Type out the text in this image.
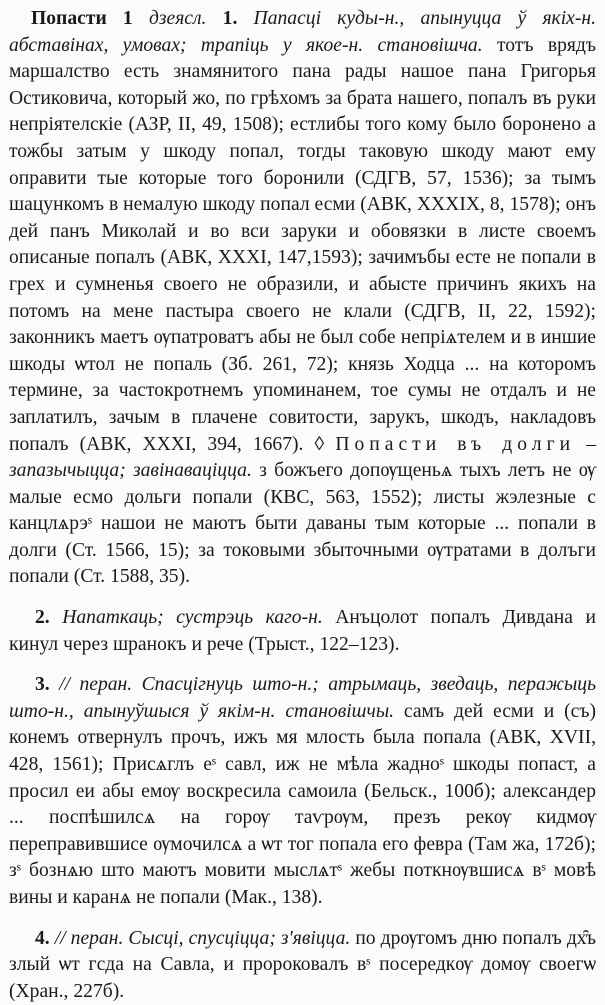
Попасти 1 дзеясл. 1. Папасці куды-н., апынуцца ў якіх-н. абставінах, умовах; трапіць у якое-н. становішча. тотъ врядъ маршалство есть знамянитого пана рады нашое пана Григорья Остиковича, который жо, по грѣхомъ за брата нашего, попалъ въ руки непріятелскіе (АЗР, II, 49, 1508); естлибы того кому было боронено а тожбы затым у шкоду попал, тогды таковую шкоду мают ему оправити тые которые того боронили (СДГВ, 57, 1536); за тымъ шацункомъ в немалую шкоду попал есми (АВК, XXXIX, 8, 1578); онъ дей панъ Миколай и во вси заруки и обовязки в листе своемъ описаные попалъ (АВК, XXXI, 147,1593); зачимъбы есте не попали в грех и сумненья своего не образили, и абысте причинъ якихъ на потомъ на мене пастыра своего не клали (СДГВ, II, 22, 1592); законникъ маетъ ѹпатроватъ абы не был собе непріѧтелем и в иншие шкоды ѡтол не попаль (Зб. 261, 72); князь Ходца ... на которомъ термине, за частокротнемъ упоминанем, тое сумы не отдалъ и не заплатилъ, зачым в плачене совитости, зарукъ, шкодъ, накладовъ попалъ (АВК, XXXI, 394, 1667). ◊ Попасти въ долги – запазычыцца; завінаваціцца. з божъего допѹщеньѧ тыхъ летъ не ѹ малые есмо дольги попали (КВС, 563, 1552); листы жэлезные с канцлѧрэˢ нашои не маютъ быти даваны тым которые ... попали в долги (Ст. 1566, 15); за токовыми збыточными ѹтратами в долъги попали (Ст. 1588, 35).

2. Напаткаць; сустрэць каго-н. Анъцолот попалъ Дивдана и кинул через шранокъ и рече (Трыст., 122–123).

3. // перан. Спасцігнуць што-н.; атрымаць, зведаць, перажыць што-н., апынуўшыся ў якім-н. становішчы. самъ дей есми и (съ) конемъ отвернулъ прочъ, ижъ мя млость была попала (АВК, XVII, 428, 1561); Присѧглъ еˢ савл, иж не мѣла жадноˢ шкоды попаст, а просил еи абы емѹ воскресила самоила (Бельск., 100б); александер ... поспѣшилсѧ на горѹ таѵрѹм, презъ рекѹ кидмѹ переправившисе ѹмочилсѧ а ѡт тог попала его февра (Там жа, 172б); зˢ бознѧю што маютъ мовити мыслѧтˢ жебы поткнѹвшисѧ вˢ мовѣ вины и каранѧ не попали (Мак., 138).

4. // перан. Сысці, спусціцца; з'явіцца. по дрѹгомъ дню попалъ дх̑ъ злый ѡт гсда на Савла, и пророковалъ вˢ посередкѹ домѹ своегѡ (Хран., 227б).
